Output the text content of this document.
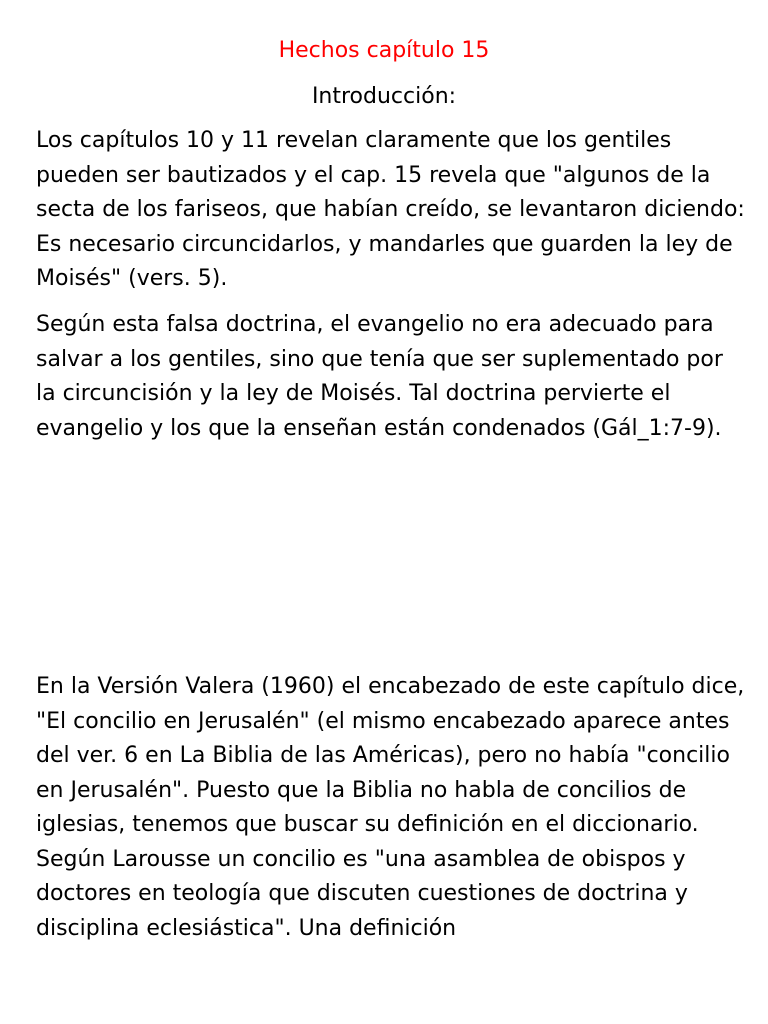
Hechos capítulo 15
Introducción:

Los capítulos 10 y 11 revelan claramente que los gentiles pueden ser bautizados y el cap. 15 revela que "algunos de la secta de los fariseos, que habían creído, se levantaron diciendo: Es necesario circuncidarlos, y mandarles que guarden la ley de Moisés" (vers. 5).

Según esta falsa doctrina, el evangelio no era adecuado para salvar a los gentiles, sino que tenía que ser suplementado por la circuncisión y la ley de Moisés. Tal doctrina pervierte el evangelio y los que la enseñan están condenados (Gál_1:7-9).

En la Versión Valera (1960) el encabezado de este capítulo dice, "El concilio en Jerusalén" (el mismo encabezado aparece antes del ver. 6 en La Biblia de las Américas), pero no había "concilio en Jerusalén". Puesto que la Biblia no habla de concilios de iglesias, tenemos que buscar su definición en el diccionario. Según Larousse un concilio es "una asamblea de obispos y doctores en teología que discuten cuestiones de doctrina y disciplina eclesiástica". Una definición
